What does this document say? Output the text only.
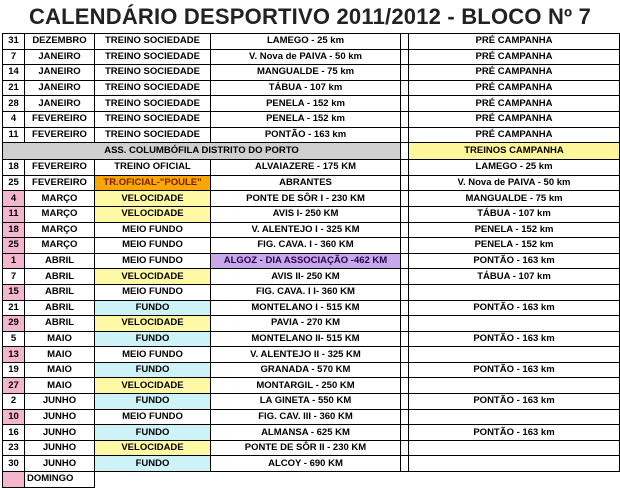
CALENDÁRIO DESPORTIVO 2011/2012 - BLOCO Nº 7
31	DEZEMBRO	TREINO SOCIEDADE	LAMEGO - 25 km		PRÉ CAMPANHA
7	JANEIRO	TREINO SOCIEDADE	V. Nova de PAIVA - 50 km		PRÉ CAMPANHA
14	JANEIRO	TREINO SOCIEDADE	MANGUALDE - 75 km		PRÉ CAMPANHA
21	JANEIRO	TREINO SOCIEDADE	TÁBUA - 107 km		PRÉ CAMPANHA
28	JANEIRO	TREINO SOCIEDADE	PENELA - 152 km		PRÉ CAMPANHA
4	FEVEREIRO	TREINO SOCIEDADE	PENELA - 152 km		PRÉ CAMPANHA
11	FEVEREIRO	TREINO SOCIEDADE	PONTÃO - 163 km		PRÉ CAMPANHA
ASS. COLUMBÓFILA DISTRITO DO PORTO					TREINOS CAMPANHA
18	FEVEREIRO	TREINO OFICIAL	ALVAIAZERE - 175 KM		LAMEGO - 25 km
25	FEVEREIRO	TR.OFICIAL-"POULE"	ABRANTES		V. Nova de PAIVA - 50 km
4	MARÇO	VELOCIDADE	PONTE DE SÔR I - 230 KM		MANGUALDE - 75 km
11	MARÇO	VELOCIDADE	AVIS I- 250 KM		TÁBUA - 107 km
18	MARÇO	MEIO FUNDO	V. ALENTEJO I - 325 KM		PENELA - 152 km
25	MARÇO	MEIO FUNDO	FIG. CAVA. I - 360 KM		PENELA - 152 km
1	ABRIL	MEIO FUNDO	ALGOZ - DIA ASSOCIAÇÃO -462 KM		PONTÃO - 163 km
7	ABRIL	VELOCIDADE	AVIS II- 250 KM		TÁBUA - 107 km
15	ABRIL	MEIO FUNDO	FIG. CAVA. I I- 360 KM		
21	ABRIL	FUNDO	MONTELANO I - 515 KM		PONTÃO - 163 km
29	ABRIL	VELOCIDADE	PAVIA - 270 KM		
5	MAIO	FUNDO	MONTELANO II- 515 KM		PONTÃO - 163 km
13	MAIO	MEIO FUNDO	V. ALENTEJO II - 325 KM		
19	MAIO	FUNDO	GRANADA - 570 KM		PONTÃO - 163 km
27	MAIO	VELOCIDADE	MONTARGIL - 250 KM		
2	JUNHO	FUNDO	LA GINETA - 550 KM		PONTÃO - 163 km
10	JUNHO	MEIO FUNDO	FIG. CAV. III - 360 KM		
16	JUNHO	FUNDO	ALMANSA - 625 KM		PONTÃO - 163 km
23	JUNHO	VELOCIDADE	PONTE DE SÔR II - 230 KM		
30	JUNHO	FUNDO	ALCOY - 690 KM		
	DOMINGO				
